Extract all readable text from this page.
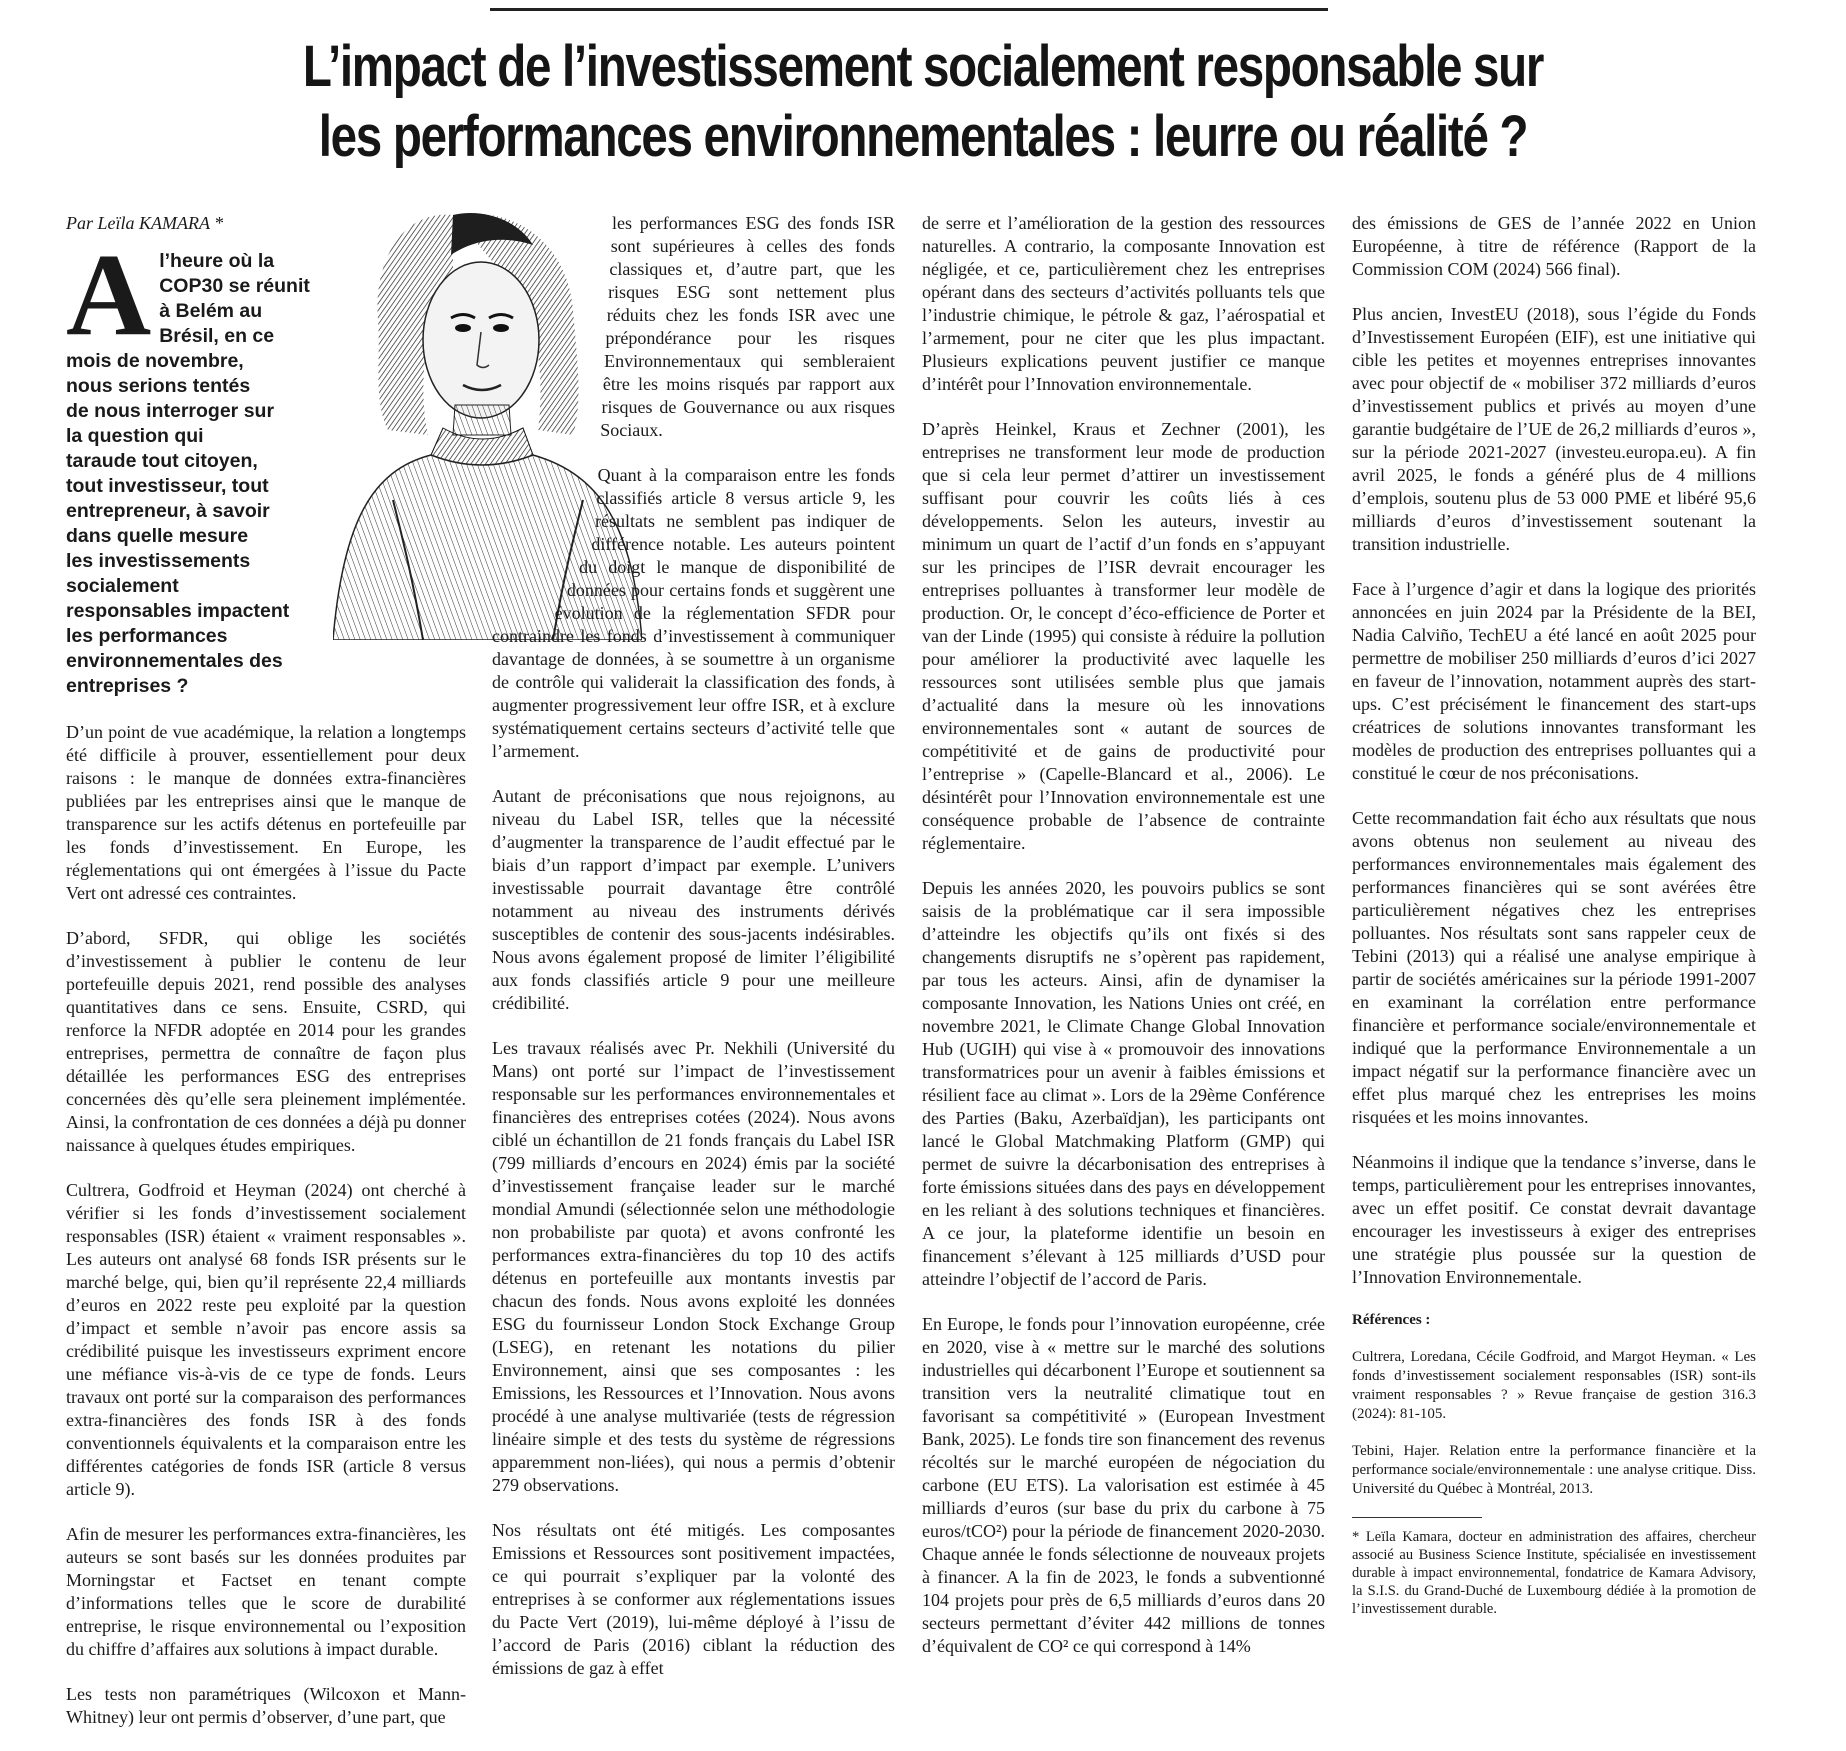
L’impact de l’investissement socialement responsable sur
les performances environnementales : leurre ou réalité ?

Par Leïla KAMARA *

Al’heure où la COP30 se réunit à Belém au Brésil, en ce mois de novembre, nous serions tentés de nous interroger sur la question qui taraude tout citoyen, tout investisseur, tout entrepreneur, à savoir dans quelle mesure les investissements socialement responsables impactent les performances environnementales des entreprises ?

D’un point de vue académique, la relation a longtemps été difficile à prouver, essentiellement pour deux raisons : le manque de données extra-financières publiées par les entreprises ainsi que le manque de transparence sur les actifs détenus en portefeuille par les fonds d’investissement. En Europe, les réglementations qui ont émergées à l’issue du Pacte Vert ont adressé ces contraintes.

D’abord, SFDR, qui oblige les sociétés d’investissement à publier le contenu de leur portefeuille depuis 2021, rend possible des analyses quantitatives dans ce sens. Ensuite, CSRD, qui renforce la NFDR adoptée en 2014 pour les grandes entreprises, permettra de connaître de façon plus détaillée les performances ESG des entreprises concernées dès qu’elle sera pleinement implémentée. Ainsi, la confrontation de ces données a déjà pu donner naissance à quelques études empiriques.

Cultrera, Godfroid et Heyman (2024) ont cherché à vérifier si les fonds d’investissement socialement responsables (ISR) étaient « vraiment responsables ». Les auteurs ont analysé 68 fonds ISR présents sur le marché belge, qui, bien qu’il représente 22,4 milliards d’euros en 2022 reste peu exploité par la question d’impact et semble n’avoir pas encore assis sa crédibilité puisque les investisseurs expriment encore une méfiance vis-à-vis de ce type de fonds. Leurs travaux ont porté sur la comparaison des performances extra-financières des fonds ISR à des fonds conventionnels équivalents et la comparaison entre les différentes catégories de fonds ISR (article 8 versus article 9).

Afin de mesurer les performances extra-financières, les auteurs se sont basés sur les données produites par Morningstar et Factset en tenant compte d’informations telles que le score de durabilité entreprise, le risque environnemental ou l’exposition du chiffre d’affaires aux solutions à impact durable.

Les tests non paramétriques (Wilcoxon et Mann-Whitney) leur ont permis d’observer, d’une part, que

les performances ESG des fonds ISR sont supérieures à celles des fonds classiques et, d’autre part, que les risques ESG sont nettement plus réduits chez les fonds ISR avec une prépondérance pour les risques Environnementaux qui sembleraient être les moins risqués par rapport aux risques de Gouvernance ou aux risques Sociaux.

Quant à la comparaison entre les fonds classifiés article 8 versus article 9, les résultats ne semblent pas indiquer de différence notable. Les auteurs pointent du doigt le manque de disponibilité de données pour certains fonds et suggèrent une évolution de la réglementation SFDR pour contraindre les fonds d’investissement à communiquer davantage de données, à se soumettre à un organisme de contrôle qui validerait la classification des fonds, à augmenter progressivement leur offre ISR, et à exclure systématiquement certains secteurs d’activité telle que l’armement.

Autant de préconisations que nous rejoignons, au niveau du Label ISR, telles que la nécessité d’augmenter la transparence de l’audit effectué par le biais d’un rapport d’impact par exemple. L’univers investissable pourrait davantage être contrôlé notamment au niveau des instruments dérivés susceptibles de contenir des sous-jacents indésirables. Nous avons également proposé de limiter l’éligibilité aux fonds classifiés article 9 pour une meilleure crédibilité.

Les travaux réalisés avec Pr. Nekhili (Université du Mans) ont porté sur l’impact de l’investissement responsable sur les performances environnementales et financières des entreprises cotées (2024). Nous avons ciblé un échantillon de 21 fonds français du Label ISR (799 milliards d’encours en 2024) émis par la société d’investissement française leader sur le marché mondial Amundi (sélectionnée selon une méthodologie non probabiliste par quota) et avons confronté les performances extra-financières du top 10 des actifs détenus en portefeuille aux montants investis par chacun des fonds. Nous avons exploité les données ESG du fournisseur London Stock Exchange Group (LSEG), en retenant les notations du pilier Environnement, ainsi que ses composantes : les Emissions, les Ressources et l’Innovation. Nous avons procédé à une analyse multivariée (tests de régression linéaire simple et des tests du système de régressions apparemment non-liées), qui nous a permis d’obtenir 279 observations.

Nos résultats ont été mitigés. Les composantes Emissions et Ressources sont positivement impactées, ce qui pourrait s’expliquer par la volonté des entreprises à se conformer aux réglementations issues du Pacte Vert (2019), lui-même déployé à l’issu de l’accord de Paris (2016) ciblant la réduction des émissions de gaz à effet

de serre et l’amélioration de la gestion des ressources naturelles. A contrario, la composante Innovation est négligée, et ce, particulièrement chez les entreprises opérant dans des secteurs d’activités polluants tels que l’industrie chimique, le pétrole & gaz, l’aérospatial et l’armement, pour ne citer que les plus impactant. Plusieurs explications peuvent justifier ce manque d’intérêt pour l’Innovation environnementale.

D’après Heinkel, Kraus et Zechner (2001), les entreprises ne transforment leur mode de production que si cela leur permet d’attirer un investissement suffisant pour couvrir les coûts liés à ces développements. Selon les auteurs, investir au minimum un quart de l’actif d’un fonds en s’appuyant sur les principes de l’ISR devrait encourager les entreprises polluantes à transformer leur modèle de production. Or, le concept d’éco-efficience de Porter et van der Linde (1995) qui consiste à réduire la pollution pour améliorer la productivité avec laquelle les ressources sont utilisées semble plus que jamais d’actualité dans la mesure où les innovations environnementales sont « autant de sources de compétitivité et de gains de productivité pour l’entreprise » (Capelle-Blancard et al., 2006). Le désintérêt pour l’Innovation environnementale est une conséquence probable de l’absence de contrainte réglementaire.

Depuis les années 2020, les pouvoirs publics se sont saisis de la problématique car il sera impossible d’atteindre les objectifs qu’ils ont fixés si des changements disruptifs ne s’opèrent pas rapidement, par tous les acteurs. Ainsi, afin de dynamiser la composante Innovation, les Nations Unies ont créé, en novembre 2021, le Climate Change Global Innovation Hub (UGIH) qui vise à « promouvoir des innovations transformatrices pour un avenir à faibles émissions et résilient face au climat ». Lors de la 29ème Conférence des Parties (Baku, Azerbaïdjan), les participants ont lancé le Global Matchmaking Platform (GMP) qui permet de suivre la décarbonisation des entreprises à forte émissions situées dans des pays en développement en les reliant à des solutions techniques et financières. A ce jour, la plateforme identifie un besoin en financement s’élevant à 125 milliards d’USD pour atteindre l’objectif de l’accord de Paris.

En Europe, le fonds pour l’innovation européenne, crée en 2020, vise à « mettre sur le marché des solutions industrielles qui décarbonent l’Europe et soutiennent sa transition vers la neutralité climatique tout en favorisant sa compétitivité » (European Investment Bank, 2025). Le fonds tire son financement des revenus récoltés sur le marché européen de négociation du carbone (EU ETS). La valorisation est estimée à 45 milliards d’euros (sur base du prix du carbone à 75 euros/tCO²) pour la période de financement 2020-2030. Chaque année le fonds sélectionne de nouveaux projets à financer. A la fin de 2023, le fonds a subventionné 104 projets pour près de 6,5 milliards d’euros dans 20 secteurs permettant d’éviter 442 millions de tonnes d’équivalent de CO² ce qui correspond à 14%

des émissions de GES de l’année 2022 en Union Européenne, à titre de référence (Rapport de la Commission COM (2024) 566 final).

Plus ancien, InvestEU (2018), sous l’égide du Fonds d’Investissement Européen (EIF), est une initiative qui cible les petites et moyennes entreprises innovantes avec pour objectif de « mobiliser 372 milliards d’euros d’investissement publics et privés au moyen d’une garantie budgétaire de l’UE de 26,2 milliards d’euros », sur la période 2021-2027 (investeu.europa.eu). A fin avril 2025, le fonds a généré plus de 4 millions d’emplois, soutenu plus de 53 000 PME et libéré 95,6 milliards d’euros d’investissement soutenant la transition industrielle.

Face à l’urgence d’agir et dans la logique des priorités annoncées en juin 2024 par la Présidente de la BEI, Nadia Calviño, TechEU a été lancé en août 2025 pour permettre de mobiliser 250 milliards d’euros d’ici 2027 en faveur de l’innovation, notamment auprès des start-ups. C’est précisément le financement des start-ups créatrices de solutions innovantes transformant les modèles de production des entreprises polluantes qui a constitué le cœur de nos préconisations.

Cette recommandation fait écho aux résultats que nous avons obtenus non seulement au niveau des performances environnementales mais également des performances financières qui se sont avérées être particulièrement négatives chez les entreprises polluantes. Nos résultats sont sans rappeler ceux de Tebini (2013) qui a réalisé une analyse empirique à partir de sociétés américaines sur la période 1991-2007 en examinant la corrélation entre performance financière et performance sociale/environnementale et indiqué que la performance Environnementale a un impact négatif sur la performance financière avec un effet plus marqué chez les entreprises les moins risquées et les moins innovantes.

Néanmoins il indique que la tendance s’inverse, dans le temps, particulièrement pour les entreprises innovantes, avec un effet positif. Ce constat devrait davantage encourager les investisseurs à exiger des entreprises une stratégie plus poussée sur la question de l’Innovation Environnementale.

Références :

Cultrera, Loredana, Cécile Godfroid, and Margot Heyman. « Les fonds d’investissement socialement responsables (ISR) sont-ils vraiment responsables ? » Revue française de gestion 316.3 (2024): 81-105.

Tebini, Hajer. Relation entre la performance financière et la performance sociale/environnementale : une analyse critique. Diss. Université du Québec à Montréal, 2013.

* Leïla Kamara, docteur en administration des affaires, chercheur associé au Business Science Institute, spécialisée en investissement durable à impact environnemental, fondatrice de Kamara Advisory, la S.I.S. du Grand-Duché de Luxembourg dédiée à la promotion de l’investissement durable.
